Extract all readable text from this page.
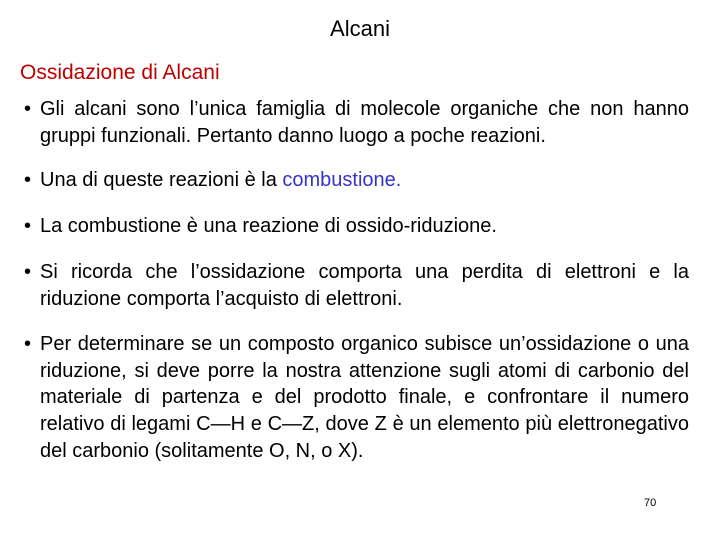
Alcani
Ossidazione di Alcani
• Gli alcani sono l’unica famiglia di molecole organiche che non hanno gruppi funzionali. Pertanto danno luogo a poche reazioni.
• Una di queste reazioni è la combustione.
• La combustione è una reazione di ossido-riduzione.
• Si ricorda che l’ossidazione comporta una perdita di elettroni e la riduzione comporta l’acquisto di elettroni.
• Per determinare se un composto organico subisce un’ossidazione o una riduzione, si deve porre la nostra attenzione sugli atomi di carbonio del materiale di partenza e del prodotto finale, e confrontare il numero relativo di legami C—H e C—Z, dove Z è un elemento più elettronegativo del carbonio (solitamente O, N, o X).
70
